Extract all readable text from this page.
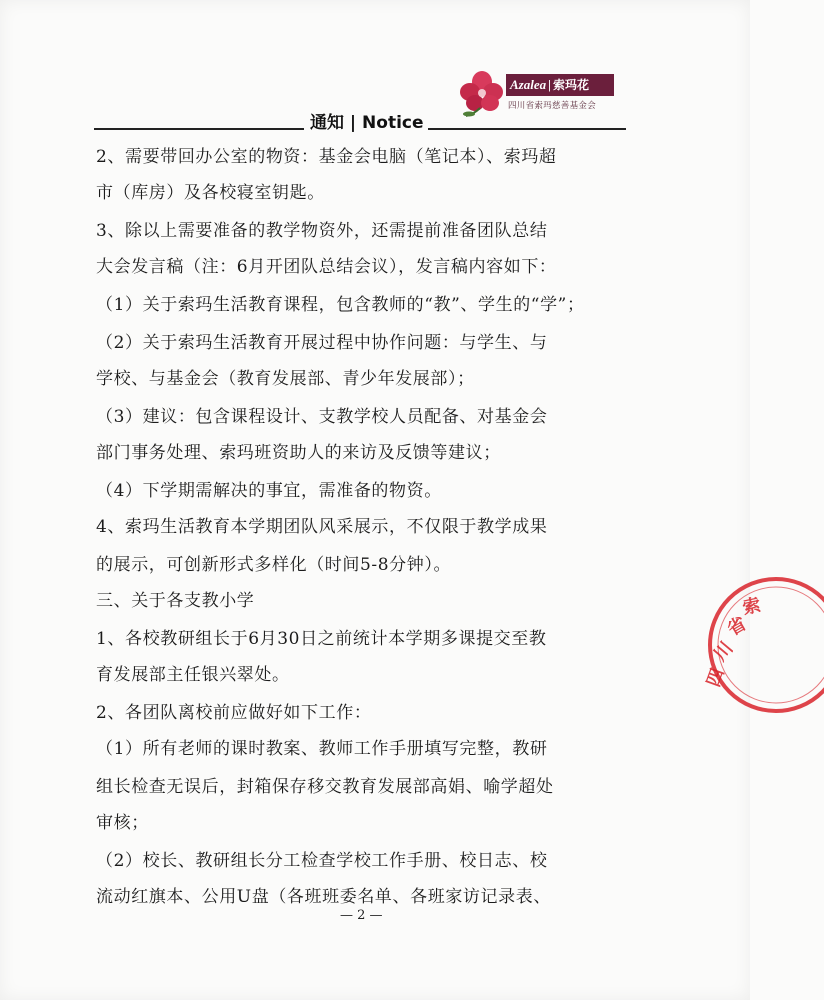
Azalea | 索玛花
四川省索玛慈善基金会
通知 | Notice
2、需要带回办公室的物资：基金会电脑（笔记本）、索玛超
市（库房）及各校寝室钥匙。
3、除以上需要准备的教学物资外，还需提前准备团队总结
大会发言稿（注：6月开团队总结会议），发言稿内容如下：
（1）关于索玛生活教育课程，包含教师的“教”、学生的“学”；
（2）关于索玛生活教育开展过程中协作问题：与学生、与
学校、与基金会（教育发展部、青少年发展部）；
（3）建议：包含课程设计、支教学校人员配备、对基金会
部门事务处理、索玛班资助人的来访及反馈等建议；
（4）下学期需解决的事宜，需准备的物资。
4、索玛生活教育本学期团队风采展示，不仅限于教学成果
的展示，可创新形式多样化（时间5-8分钟）。
三、关于各支教小学
1、各校教研组长于6月30日之前统计本学期多课提交至教
育发展部主任银兴翠处。
2、各团队离校前应做好如下工作：
（1）所有老师的课时教案、教师工作手册填写完整，教研
组长检查无误后，封箱保存移交教育发展部高娟、喻学超处
审核；
（2）校长、教研组长分工检查学校工作手册、校日志、校
流动红旗本、公用U盘（各班班委名单、各班家访记录表、
四
川
省
索
— 2 —
